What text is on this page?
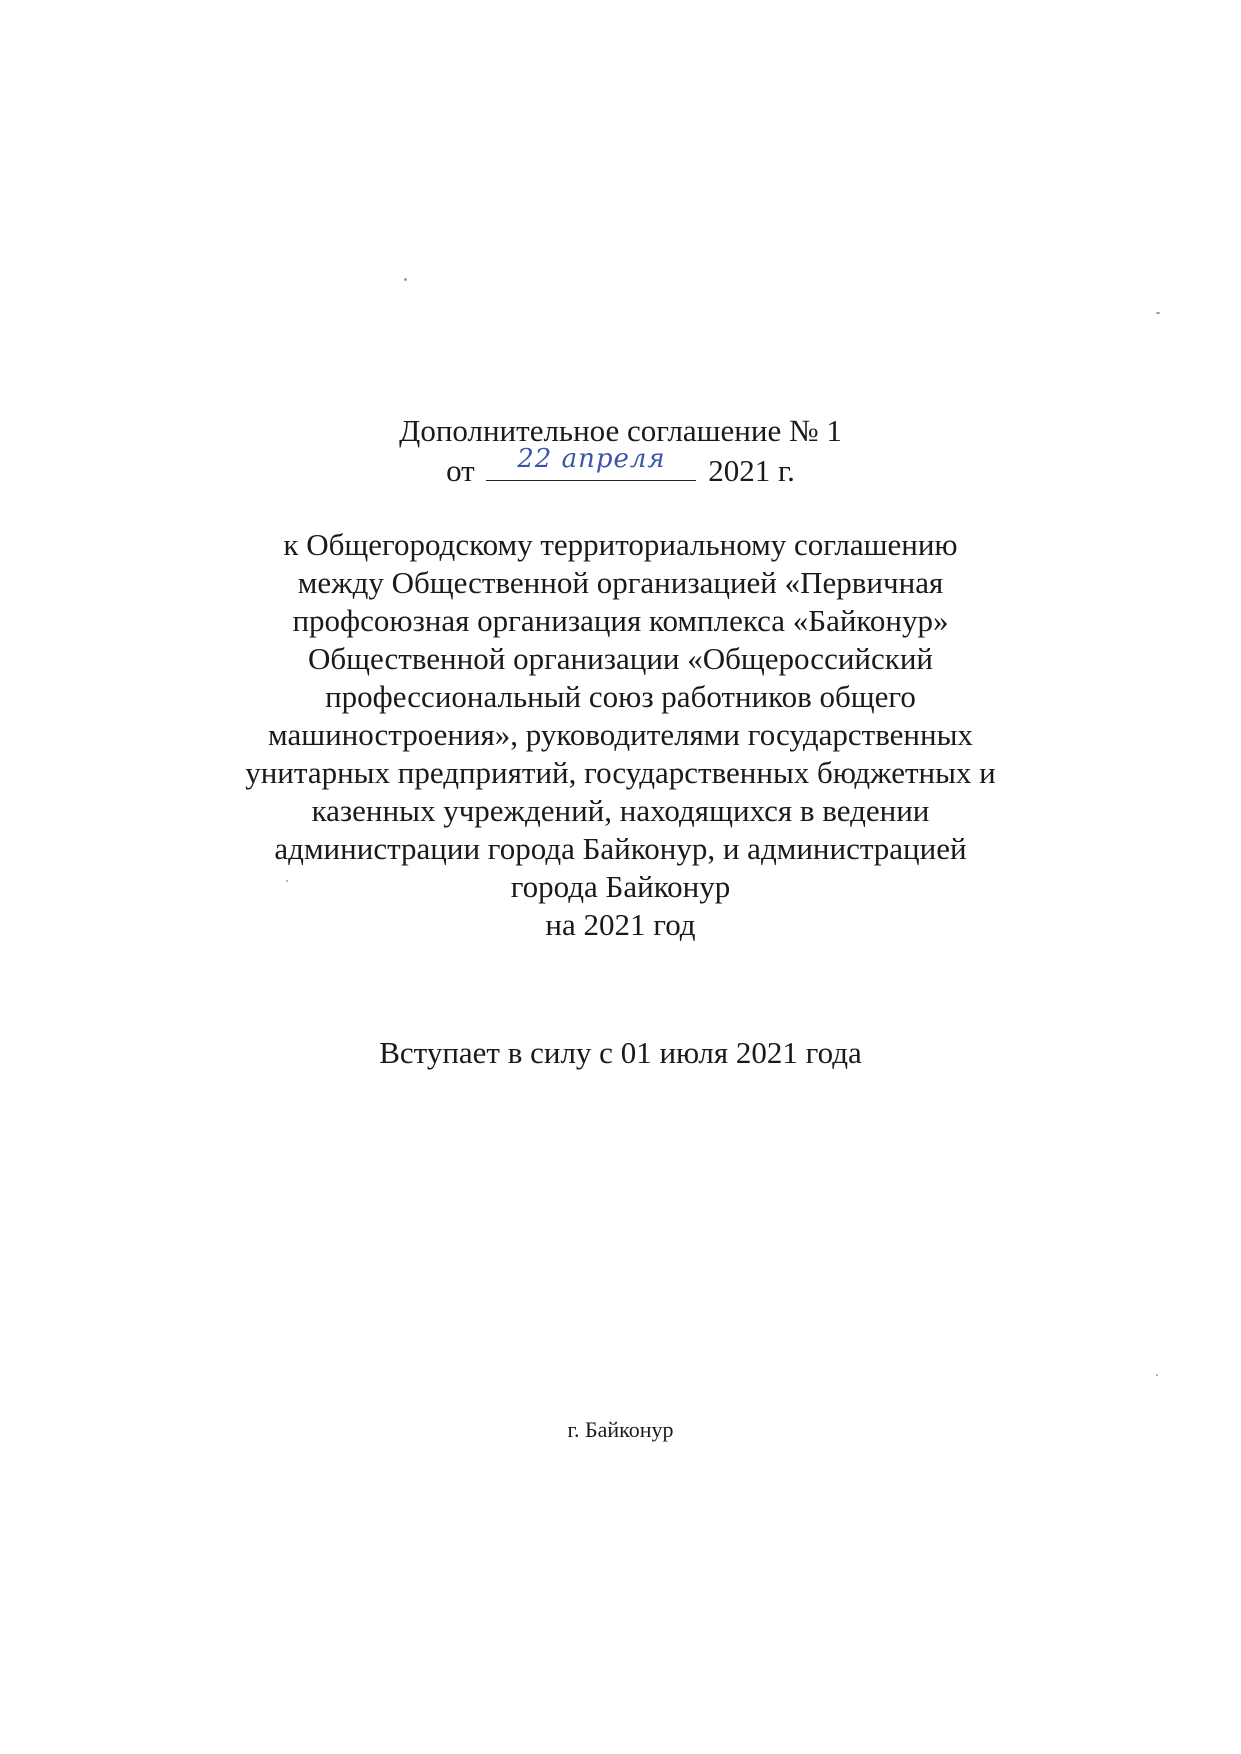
Дополнительное соглашение № 1
от	22 апреля	2021 г.
к Общегородскому территориальному соглашению
между Общественной организацией «Первичная
профсоюзная организация комплекса «Байконур»
Общественной организации «Общероссийский
профессиональный союз работников общего
машиностроения», руководителями государственных
унитарных предприятий, государственных бюджетных и
казенных учреждений, находящихся в ведении
администрации города Байконур, и администрацией
города Байконур
на 2021 год
Вступает в силу с 01 июля 2021 года
г. Байконур
